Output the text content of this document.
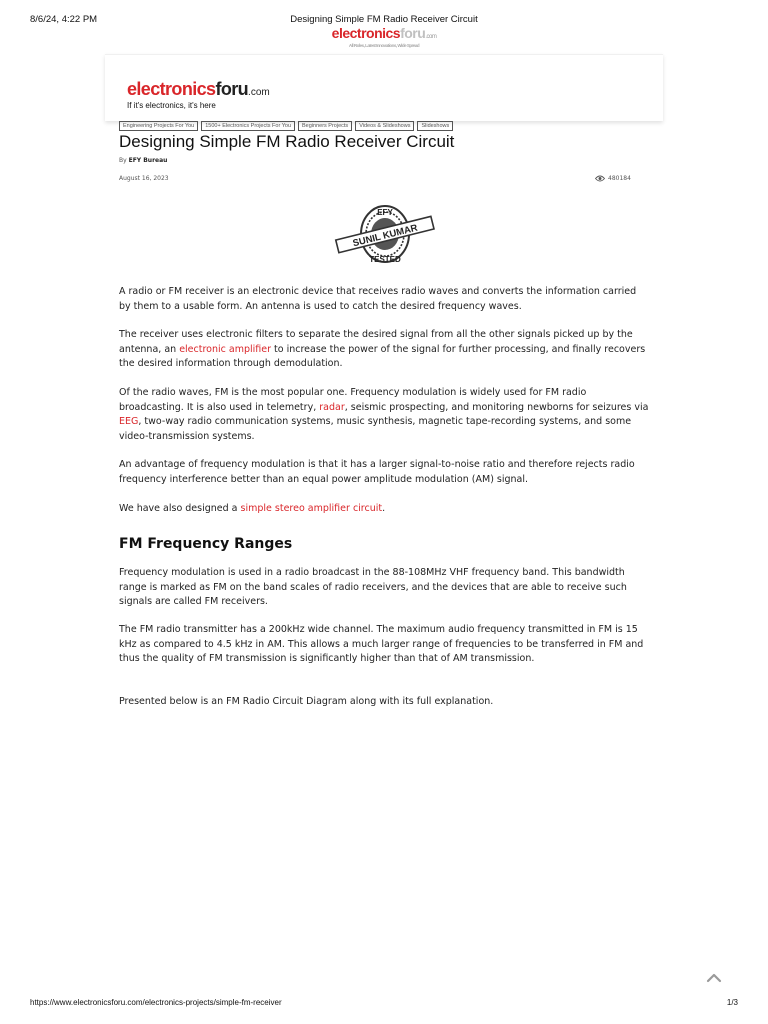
8/6/24, 4:22 PM	Designing Simple FM Radio Receiver Circuit
electronicsforu.com
All Roles, Latest Innovations, Wide Spread
electronicsforu.com
If it's electronics, it's here
Engineering Projects For You	1500+ Electronics Projects For You	Beginners Projects	Videos & Slideshows	Slideshows
Designing Simple FM Radio Receiver Circuit
By EFY Bureau
August 16, 2023	480184
EFY
SUNIL KUMAR
TESTED

A radio or FM receiver is an electronic device that receives radio waves and converts the information carried by them to a usable form. An antenna is used to catch the desired frequency waves.

The receiver uses electronic filters to separate the desired signal from all the other signals picked up by the antenna, an electronic amplifier to increase the power of the signal for further processing, and finally recovers the desired information through demodulation.

Of the radio waves, FM is the most popular one. Frequency modulation is widely used for FM radio broadcasting. It is also used in telemetry, radar, seismic prospecting, and monitoring newborns for seizures via EEG, two-way radio communication systems, music synthesis, magnetic tape-recording systems, and some video-transmission systems.

An advantage of frequency modulation is that it has a larger signal-to-noise ratio and therefore rejects radio frequency interference better than an equal power amplitude modulation (AM) signal.

We have also designed a simple stereo amplifier circuit.

FM Frequency Ranges

Frequency modulation is used in a radio broadcast in the 88-108MHz VHF frequency band. This bandwidth range is marked as FM on the band scales of radio receivers, and the devices that are able to receive such signals are called FM receivers.

The FM radio transmitter has a 200kHz wide channel. The maximum audio frequency transmitted in FM is 15 kHz as compared to 4.5 kHz in AM. This allows a much larger range of frequencies to be transferred in FM and thus the quality of FM transmission is significantly higher than that of AM transmission.

Presented below is an FM Radio Circuit Diagram along with its full explanation.

https://www.electronicsforu.com/electronics-projects/simple-fm-receiver	1/3
